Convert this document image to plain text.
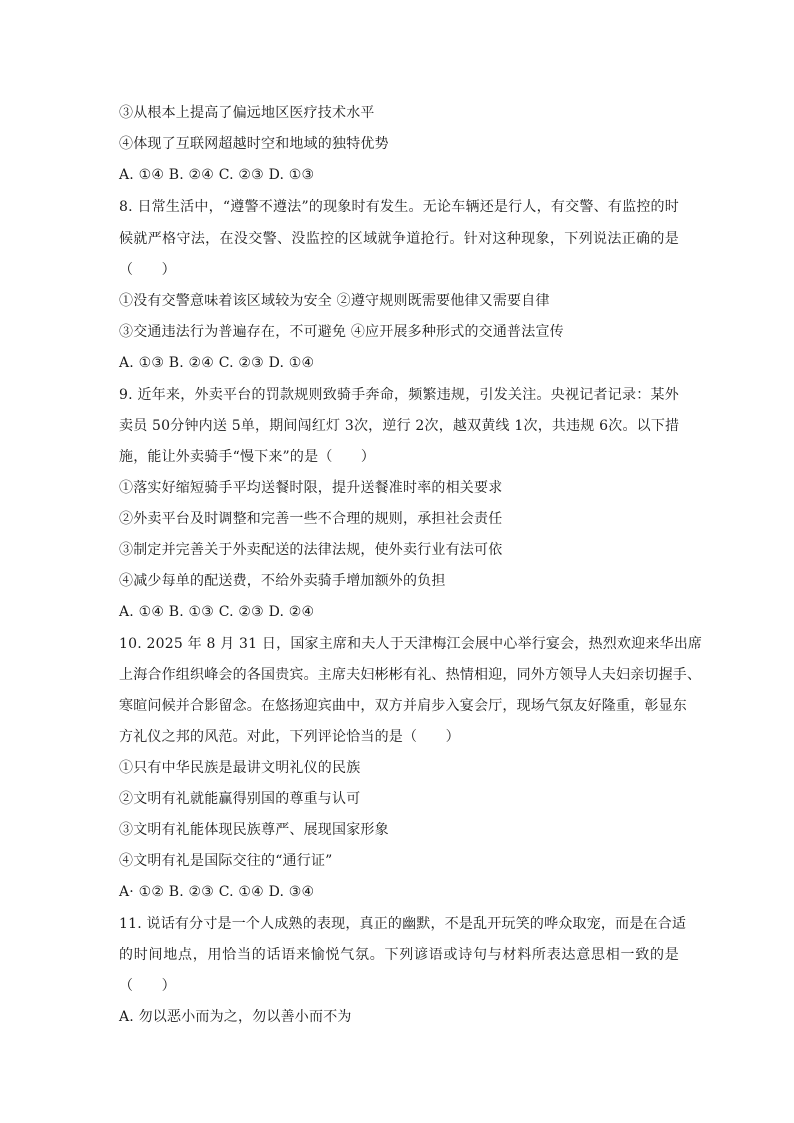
③从根本上提高了偏远地区医疗技术水平
④体现了互联网超越时空和地域的独特优势
A. ①④ B. ②④ C. ②③ D. ①③
8. 日常生活中，“遵警不遵法”的现象时有发生。无论车辆还是行人，有交警、有监控的时
候就严格守法，在没交警、没监控的区域就争道抢行。针对这种现象，下列说法正确的是
（　　）
①没有交警意味着该区域较为安全 ②遵守规则既需要他律又需要自律
③交通违法行为普遍存在，不可避免 ④应开展多种形式的交通普法宣传
A. ①③ B. ②④ C. ②③ D. ①④
9. 近年来，外卖平台的罚款规则致骑手奔命，频繁违规，引发关注。央视记者记录：某外
卖员 50分钟内送 5单，期间闯红灯 3次，逆行 2次，越双黄线 1次，共违规 6次。以下措
施，能让外卖骑手“慢下来”的是（　　）
①落实好缩短骑手平均送餐时限，提升送餐准时率的相关要求
②外卖平台及时调整和完善一些不合理的规则，承担社会责任
③制定并完善关于外卖配送的法律法规，使外卖行业有法可依
④减少每单的配送费，不给外卖骑手增加额外的负担
A. ①④ B. ①③ C. ②③ D. ②④
10. 2025 年 8 月 31 日，国家主席和夫人于天津梅江会展中心举行宴会，热烈欢迎来华出席
上海合作组织峰会的各国贵宾。主席夫妇彬彬有礼、热情相迎，同外方领导人夫妇亲切握手、
寒暄问候并合影留念。在悠扬迎宾曲中，双方并肩步入宴会厅，现场气氛友好隆重，彰显东
方礼仪之邦的风范。对此，下列评论恰当的是（　　）
①只有中华民族是最讲文明礼仪的民族
②文明有礼就能赢得别国的尊重与认可
③文明有礼能体现民族尊严、展现国家形象
④文明有礼是国际交往的“通行证”
A· ①② B. ②③ C. ①④ D. ③④
11. 说话有分寸是一个人成熟的表现，真正的幽默，不是乱开玩笑的哗众取宠，而是在合适
的时间地点，用恰当的话语来愉悦气氛。下列谚语或诗句与材料所表达意思相一致的是
（　　）
A. 勿以恶小而为之，勿以善小而不为
